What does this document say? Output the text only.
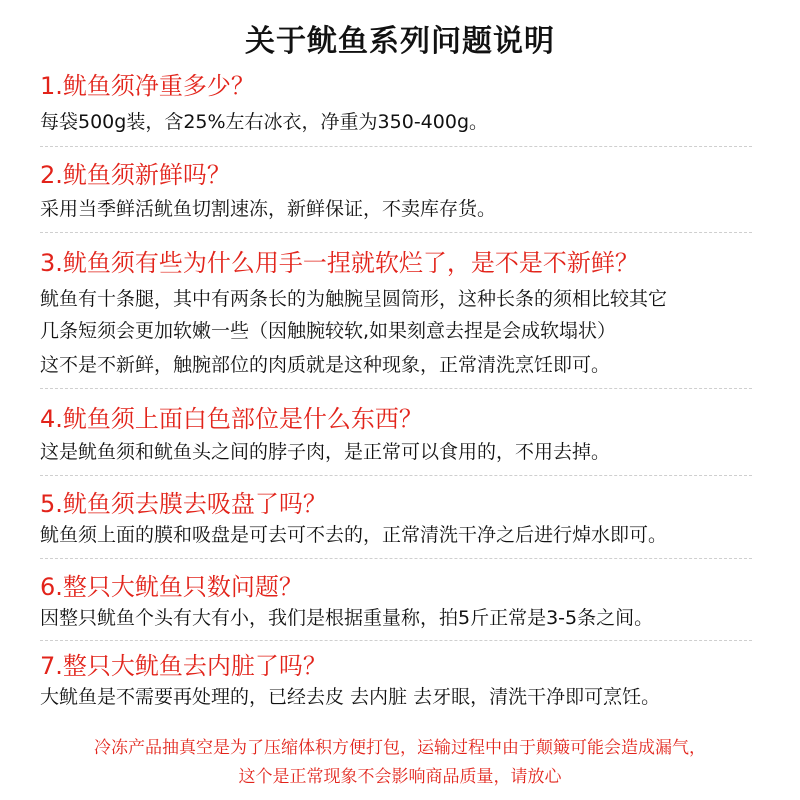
关于鱿鱼系列问题说明
1.鱿鱼须净重多少？
每袋500g装，含25%左右冰衣，净重为350-400g。
2.鱿鱼须新鲜吗？
采用当季鲜活鱿鱼切割速冻，新鲜保证，不卖库存货。
3.鱿鱼须有些为什么用手一捏就软烂了，是不是不新鲜？
鱿鱼有十条腿，其中有两条长的为触腕呈圆筒形，这种长条的须相比较其它
几条短须会更加软嫩一些（因触腕较软,如果刻意去捏是会成软塌状）
这不是不新鲜，触腕部位的肉质就是这种现象，正常清洗烹饪即可。
4.鱿鱼须上面白色部位是什么东西？
这是鱿鱼须和鱿鱼头之间的脖子肉，是正常可以食用的，不用去掉。
5.鱿鱼须去膜去吸盘了吗？
鱿鱼须上面的膜和吸盘是可去可不去的，正常清洗干净之后进行焯水即可。
6.整只大鱿鱼只数问题？
因整只鱿鱼个头有大有小，我们是根据重量称，拍5斤正常是3-5条之间。
7.整只大鱿鱼去内脏了吗？
大鱿鱼是不需要再处理的，已经去皮 去内脏 去牙眼，清洗干净即可烹饪。
冷冻产品抽真空是为了压缩体积方便打包，运输过程中由于颠簸可能会造成漏气，
这个是正常现象不会影响商品质量，请放心
